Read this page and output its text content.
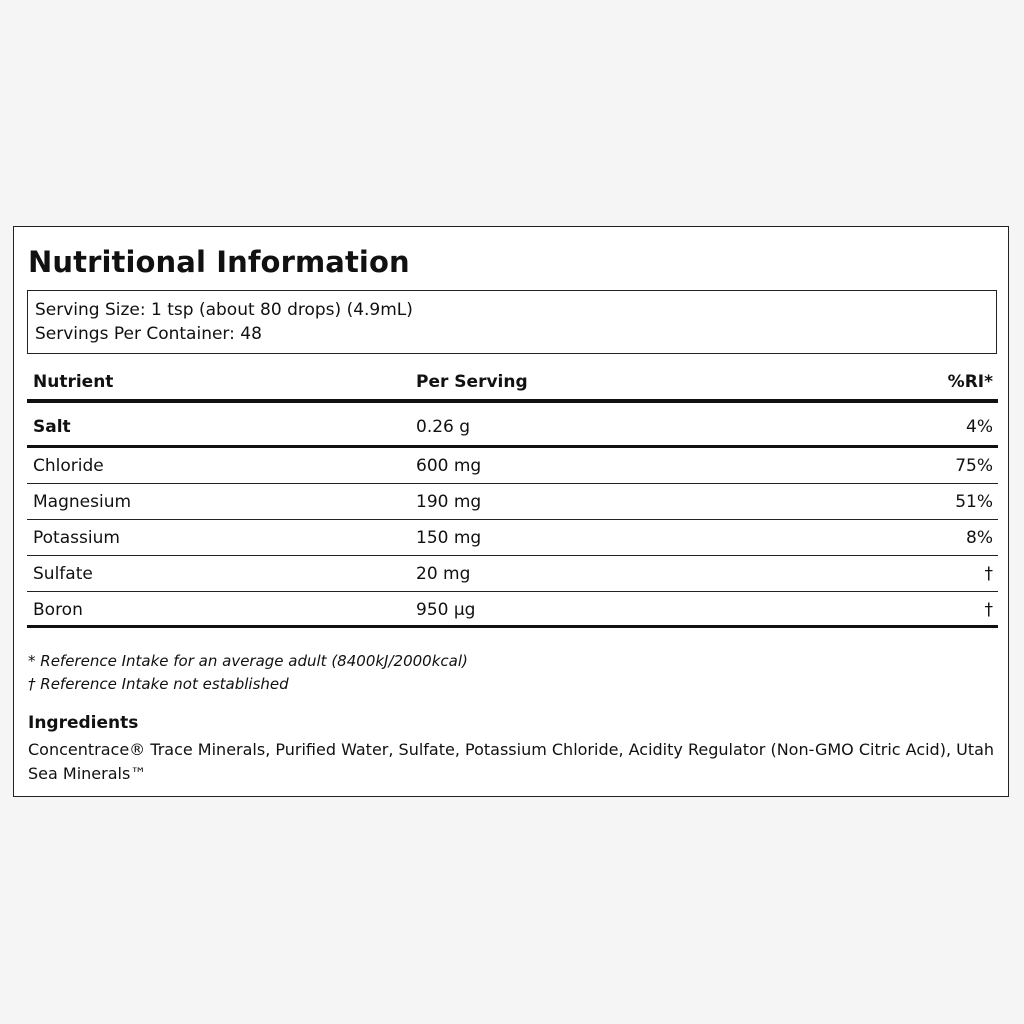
Nutritional Information
Serving Size: 1 tsp (about 80 drops) (4.9mL)
Servings Per Container: 48
Nutrient	Per Serving	%RI*
Salt	0.26 g	4%
Chloride	600 mg	75%
Magnesium	190 mg	51%
Potassium	150 mg	8%
Sulfate	20 mg	†
Boron	950 µg	†
* Reference Intake for an average adult (8400kJ/2000kcal)
† Reference Intake not established
Ingredients

Concentrace® Trace Minerals, Purified Water, Sulfate, Potassium Chloride, Acidity Regulator (Non-GMO Citric Acid), Utah Sea Minerals™
